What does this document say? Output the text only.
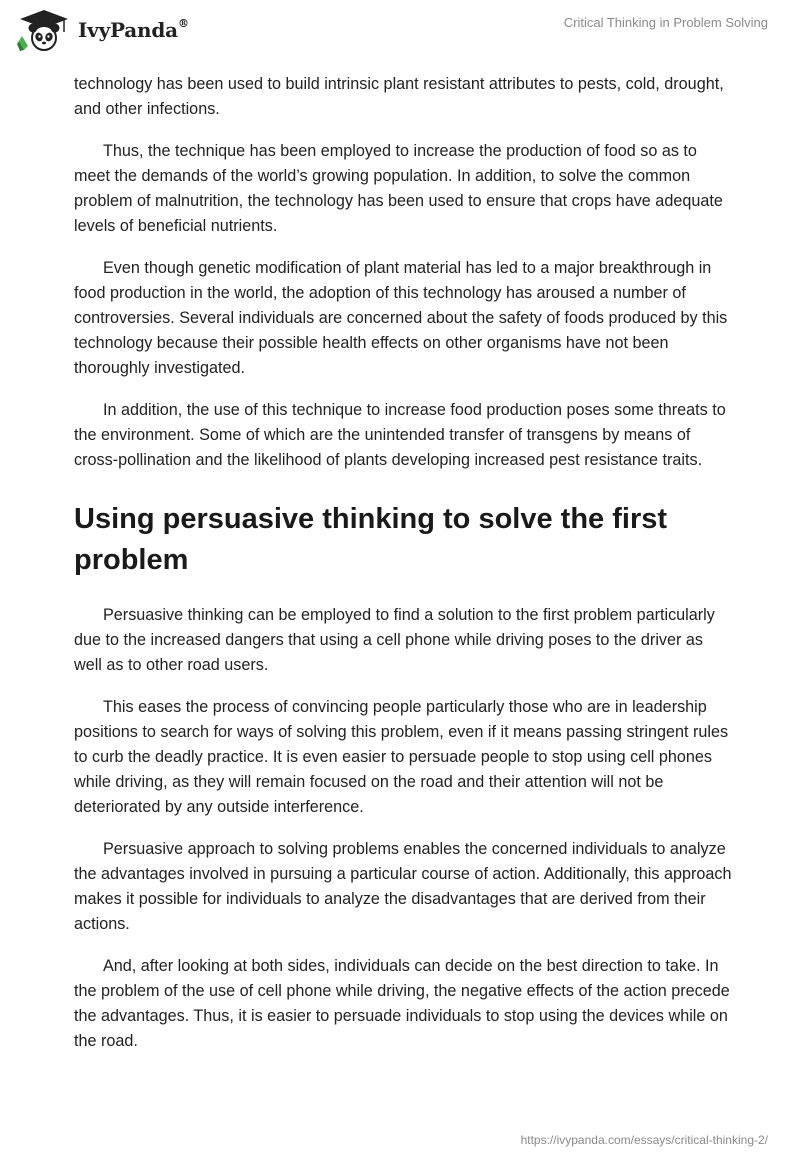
IvyPanda®	Critical Thinking in Problem Solving

technology has been used to build intrinsic plant resistant attributes to pests, cold, drought, and other infections.

Thus, the technique has been employed to increase the production of food so as to meet the demands of the world’s growing population. In addition, to solve the common problem of malnutrition, the technology has been used to ensure that crops have adequate levels of beneficial nutrients.

Even though genetic modification of plant material has led to a major breakthrough in food production in the world, the adoption of this technology has aroused a number of controversies. Several individuals are concerned about the safety of foods produced by this technology because their possible health effects on other organisms have not been thoroughly investigated.

In addition, the use of this technique to increase food production poses some threats to the environment. Some of which are the unintended transfer of transgens by means of cross-pollination and the likelihood of plants developing increased pest resistance traits.

Using persuasive thinking to solve the first problem

Persuasive thinking can be employed to find a solution to the first problem particularly due to the increased dangers that using a cell phone while driving poses to the driver as well as to other road users.

This eases the process of convincing people particularly those who are in leadership positions to search for ways of solving this problem, even if it means passing stringent rules to curb the deadly practice. It is even easier to persuade people to stop using cell phones while driving, as they will remain focused on the road and their attention will not be deteriorated by any outside interference.

Persuasive approach to solving problems enables the concerned individuals to analyze the advantages involved in pursuing a particular course of action. Additionally, this approach makes it possible for individuals to analyze the disadvantages that are derived from their actions.

And, after looking at both sides, individuals can decide on the best direction to take. In the problem of the use of cell phone while driving, the negative effects of the action precede the advantages. Thus, it is easier to persuade individuals to stop using the devices while on the road.

https://ivypanda.com/essays/critical-thinking-2/
